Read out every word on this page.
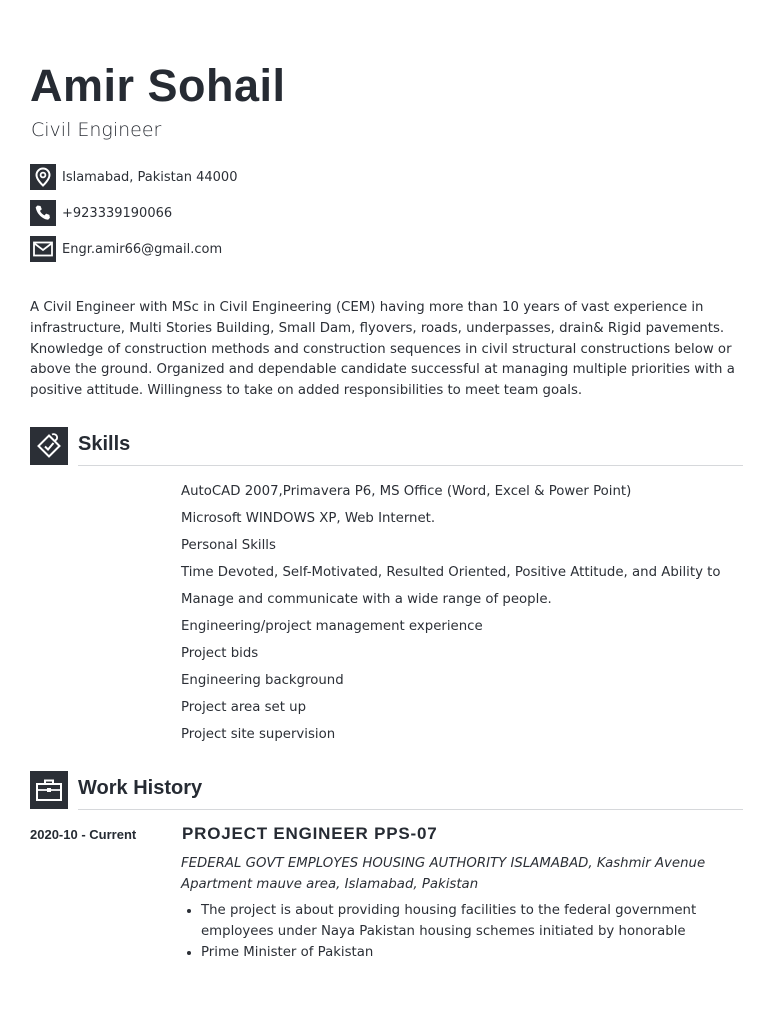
Amir Sohail
Civil Engineer
Islamabad, Pakistan 44000
+923339190066
Engr.amir66@gmail.com

A Civil Engineer with MSc in Civil Engineering (CEM) having more than 10 years of vast experience in infrastructure, Multi Stories Building, Small Dam, flyovers, roads, underpasses, drain& Rigid pavements. Knowledge of construction methods and construction sequences in civil structural constructions below or above the ground. Organized and dependable candidate successful at managing multiple priorities with a positive attitude. Willingness to take on added responsibilities to meet team goals.

Skills
AutoCAD 2007,Primavera P6, MS Office (Word, Excel & Power Point)
Microsoft WINDOWS XP, Web Internet.
Personal Skills
Time Devoted, Self-Motivated, Resulted Oriented, Positive Attitude, and Ability to
Manage and communicate with a wide range of people.
Engineering/project management experience
Project bids
Engineering background
Project area set up
Project site supervision
Work History
2020-10 - Current	PROJECT ENGINEER PPS-07
FEDERAL GOVT EMPLOYES HOUSING AUTHORITY ISLAMABAD, Kashmir Avenue Apartment mauve area, Islamabad, Pakistan
• The project is about providing housing facilities to the federal government employees under Naya Pakistan housing schemes initiated by honorable
• Prime Minister of Pakistan
